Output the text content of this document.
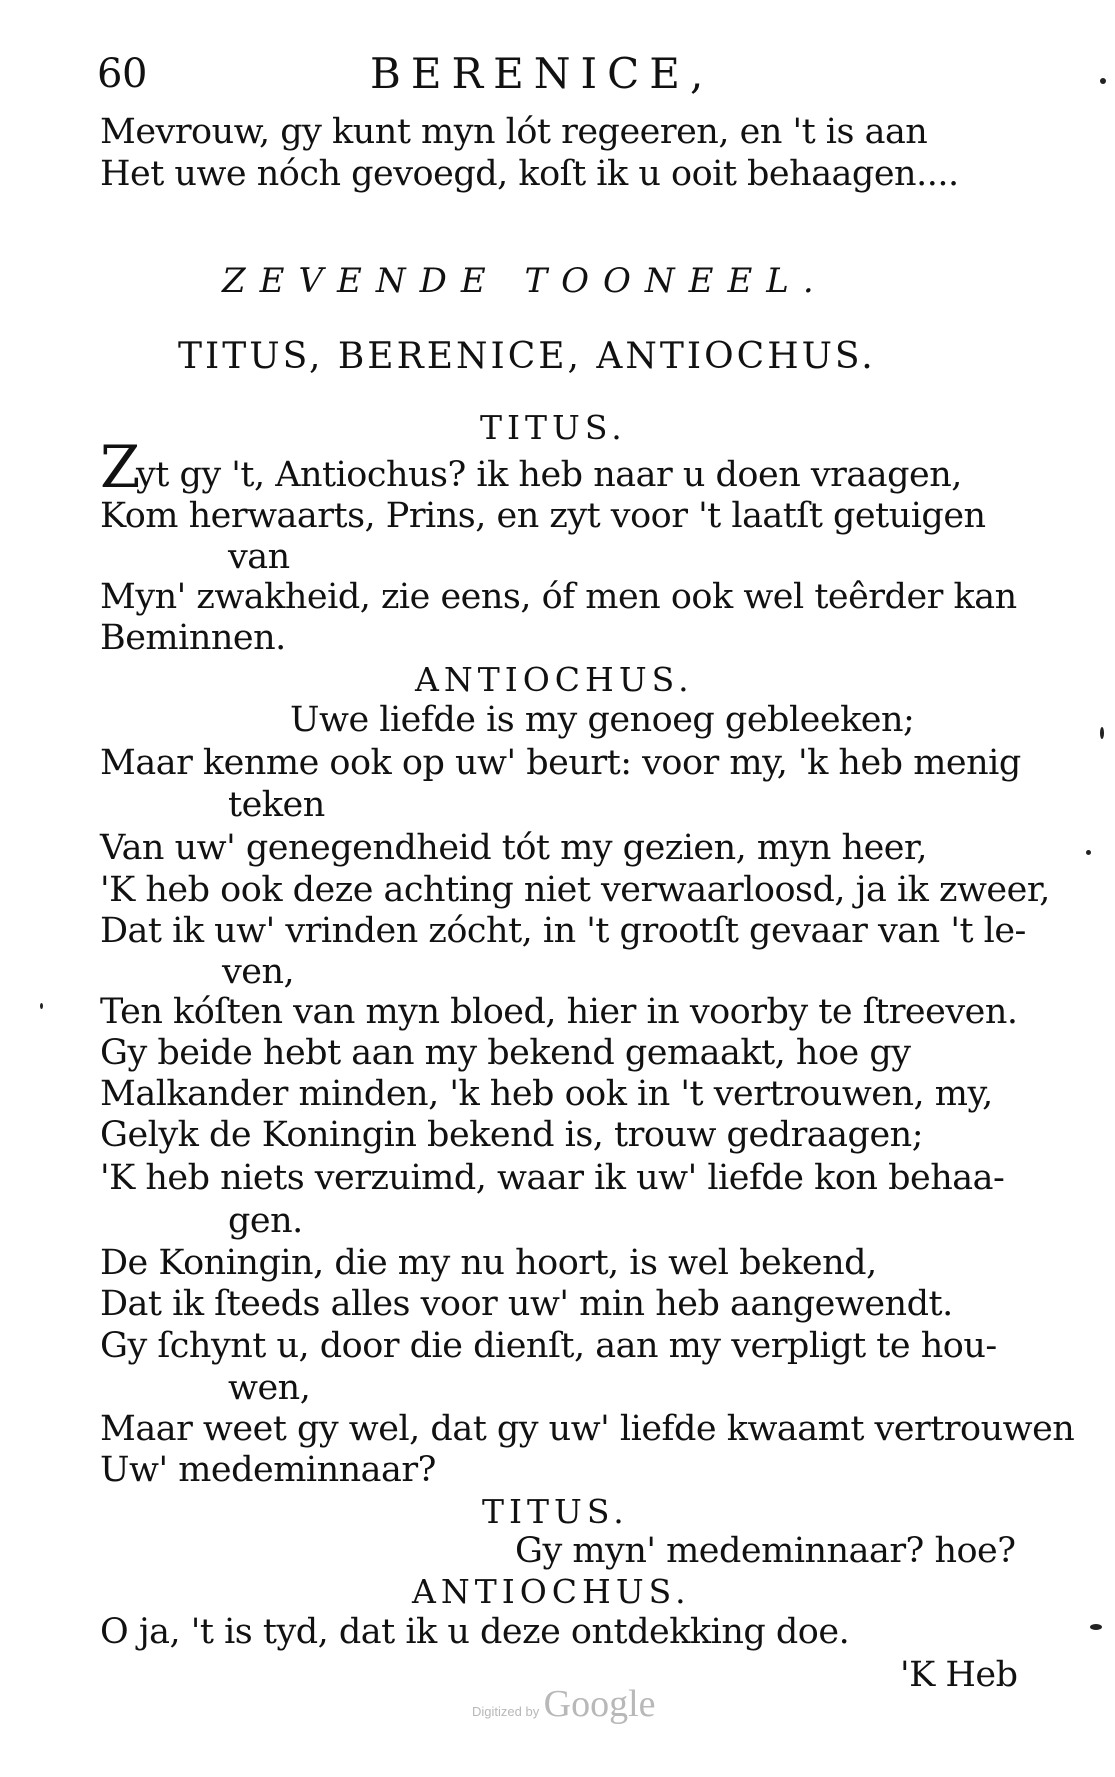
60	BERENICE,
Mevrouw, gy kunt myn lót regeeren, en 't is aan
Het uwe nóch gevoegd, koſt ik u ooit behaagen....
ZEVENDE TOONEEL.
TITUS, BERENICE, ANTIOCHUS.
TITUS.
Z
yt gy 't, Antiochus? ik heb naar u doen vraagen,
Kom herwaarts, Prins, en zyt voor 't laatſt getuigen
van
Myn' zwakheid, zie eens, óf men ook wel teêrder kan
Beminnen.
ANTIOCHUS.
Uwe liefde is my genoeg gebleeken;
Maar kenme ook op uw' beurt: voor my, 'k heb menig
teken
Van uw' genegendheid tót my gezien, myn heer,
'K heb ook deze achting niet verwaarloosd, ja ik zweer,
Dat ik uw' vrinden zócht, in 't grootſt gevaar van 't le-
ven,
Ten kóſten van myn bloed, hier in voorby te ſtreeven.
Gy beide hebt aan my bekend gemaakt, hoe gy
Malkander minden, 'k heb ook in 't vertrouwen, my,
Gelyk de Koningin bekend is, trouw gedraagen;
'K heb niets verzuimd, waar ik uw' liefde kon behaa-
gen.
De Koningin, die my nu hoort, is wel bekend,
Dat ik ſteeds alles voor uw' min heb aangewendt.
Gy ſchynt u, door die dienſt, aan my verpligt te hou-
wen,
Maar weet gy wel, dat gy uw' liefde kwaamt vertrouwen
Uw' medeminnaar?
TITUS.
Gy myn' medeminnaar? hoe?
ANTIOCHUS.
O ja, 't is tyd, dat ik u deze ontdekking doe.
'K Heb
Digitized by Google
